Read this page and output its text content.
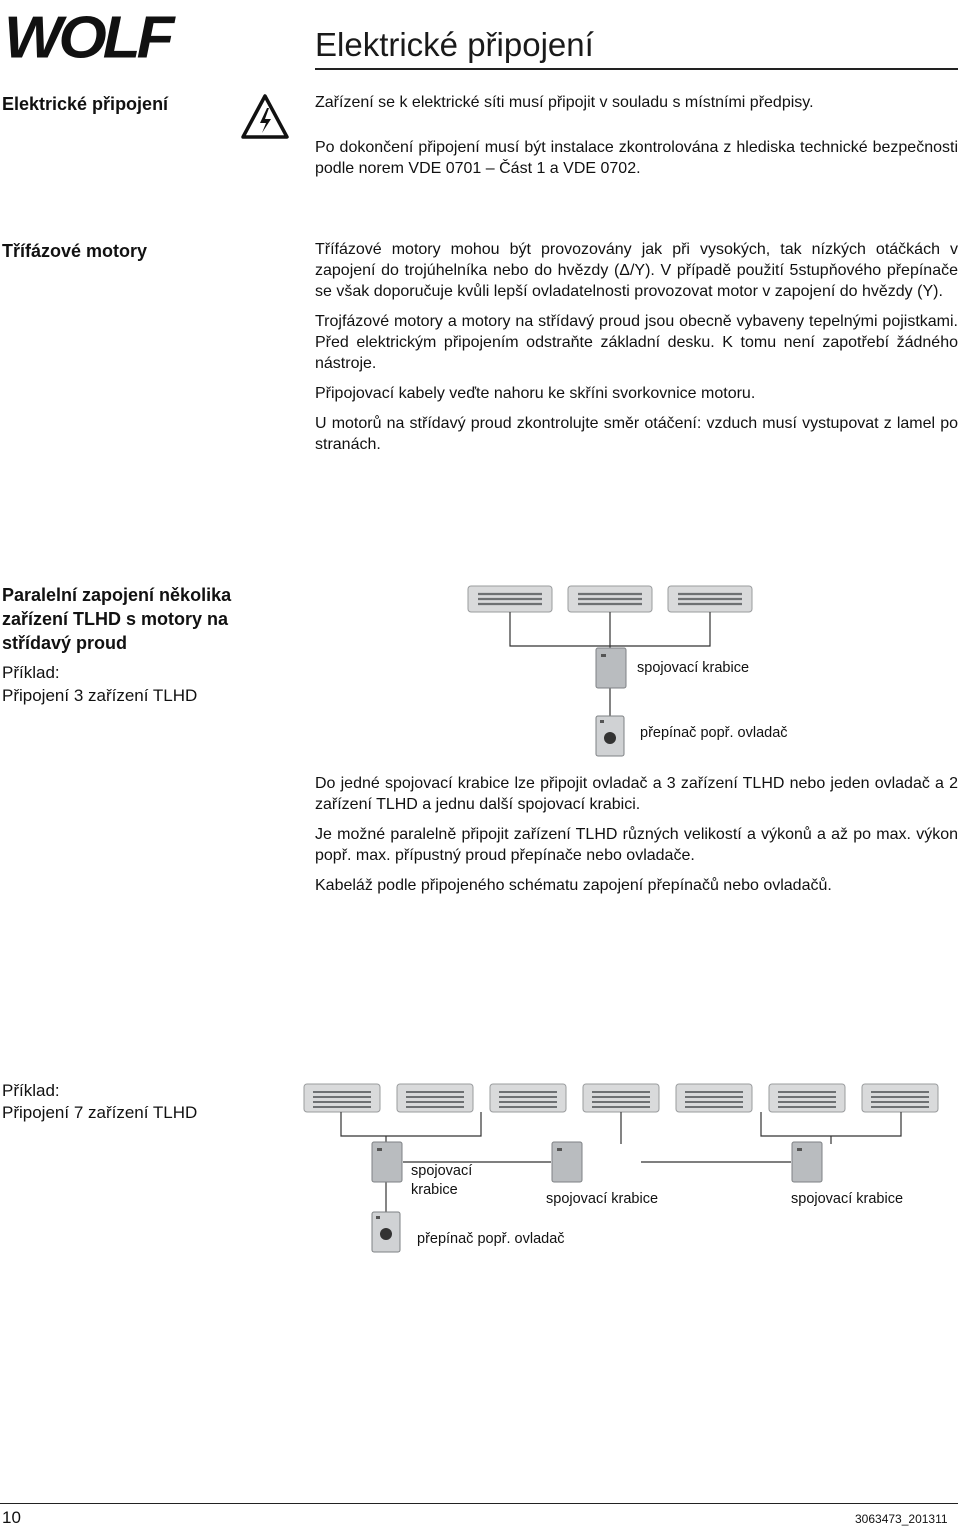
WOLF	Elektrické připojení
Elektrické připojení	Zařízení se k elektrické síti musí připojit v souladu s místními předpisy.

Po dokončení připojení musí být instalace zkontrolována z hlediska technické bezpečnosti podle norem VDE 0701 – Část 1 a VDE 0702.

Třífázové motory	Třífázové motory mohou být provozovány jak při vysokých, tak nízkých otáčkách v zapojení do trojúhelníka nebo do hvězdy (Δ/Y). V případě použití 5stupňového přepínače se však doporučuje kvůli lepší ovladatelnosti provozovat motor v zapojení do hvězdy (Y).

Trojfázové motory a motory na střídavý proud jsou obecně vybaveny tepelnými pojistkami. Před elektrickým připojením odstraňte základní desku. K tomu není zapotřebí žádného nástroje.

Připojovací kabely veďte nahoru ke skříni svorkovnice motoru.

U motorů na střídavý proud zkontrolujte směr otáčení: vzduch musí vystupovat z lamel po stranách.

Paralelní zapojení několika zařízení TLHD s motory na střídavý proud
Příklad:
Připojení 3 zařízení TLHD
spojovací krabice
přepínač popř. ovladač

Do jedné spojovací krabice lze připojit ovladač a 3 zařízení TLHD nebo jeden ovladač a 2 zařízení TLHD a jednu další spojovací krabici.

Je možné paralelně připojit zařízení TLHD různých velikostí a výkonů a až po max. výkon popř. max. přípustný proud přepínače nebo ovladače.

Kabeláž podle připojeného schématu zapojení přepínačů nebo ovladačů.

Příklad:
Připojení 7 zařízení TLHD
spojovací
krabice
spojovací krabice	spojovací krabice
přepínač popř. ovladač
10	3063473_201311
